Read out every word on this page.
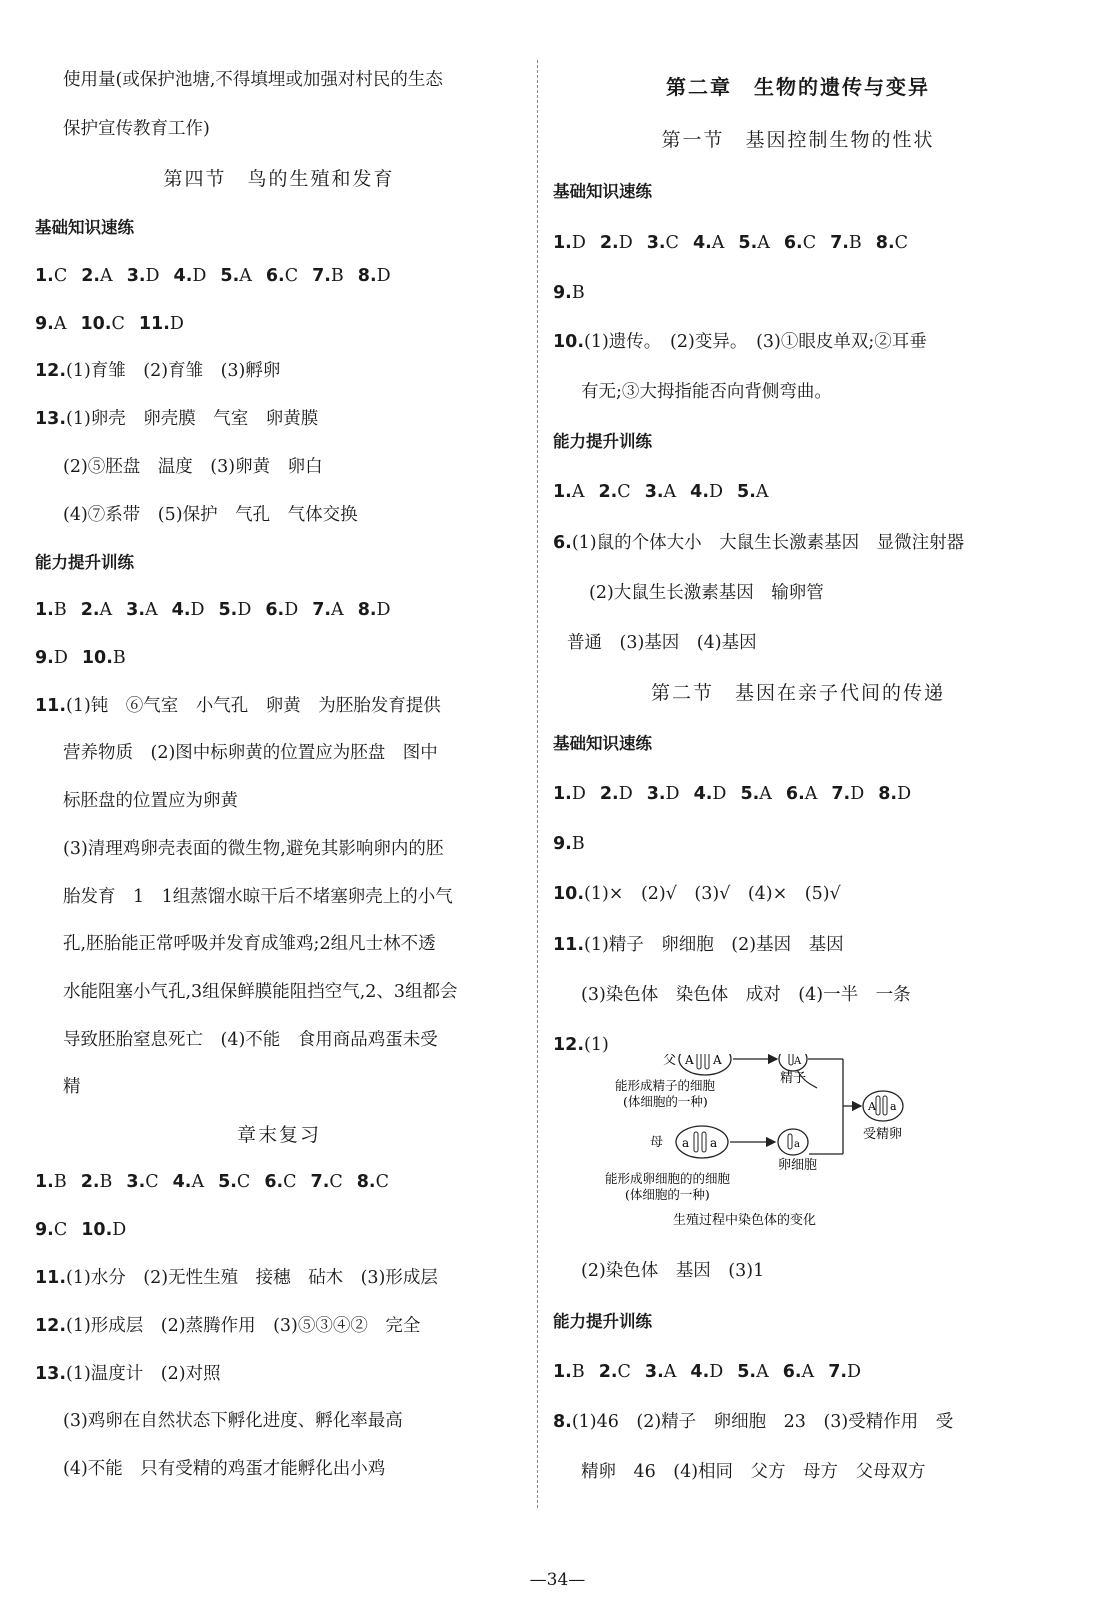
使用量(或保护池塘,不得填埋或加强对村民的生态
保护宣传教育工作)
第四节　鸟的生殖和发育
基础知识速练
1.C 2.A 3.D 4.D 5.A 6.C 7.B 8.D
9.A 10.C 11.D
12.(1)育雏　(2)育雏　(3)孵卵
13.(1)卵壳　卵壳膜　气室　卵黄膜
(2)⑤胚盘　温度　(3)卵黄　卵白
(4)⑦系带　(5)保护　气孔　气体交换
能力提升训练
1.B 2.A 3.A 4.D 5.D 6.D 7.A 8.D
9.D 10.B
11.(1)钝　⑥气室　小气孔　卵黄　为胚胎发育提供
营养物质　(2)图中标卵黄的位置应为胚盘　图中
标胚盘的位置应为卵黄
(3)清理鸡卵壳表面的微生物,避免其影响卵内的胚
胎发育　1　1组蒸馏水晾干后不堵塞卵壳上的小气
孔,胚胎能正常呼吸并发育成雏鸡;2组凡士林不透
水能阻塞小气孔,3组保鲜膜能阻挡空气,2、3组都会
导致胚胎窒息死亡　(4)不能　食用商品鸡蛋未受
精
章末复习
1.B 2.B 3.C 4.A 5.C 6.C 7.C 8.C
9.C 10.D
11.(1)水分　(2)无性生殖　接穗　砧木　(3)形成层
12.(1)形成层　(2)蒸腾作用　(3)⑤③④②　完全
13.(1)温度计　(2)对照
(3)鸡卵在自然状态下孵化进度、孵化率最高
(4)不能　只有受精的鸡蛋才能孵化出小鸡
第二章　生物的遗传与变异
第一节　基因控制生物的性状
基础知识速练
1.D 2.D 3.C 4.A 5.A 6.C 7.B 8.C
9.B
10.(1)遗传。　(2)变异。　(3)①眼皮单双;②耳垂
有无;③大拇指能否向背侧弯曲。
能力提升训练
1.A 2.C 3.A 4.D 5.A
6.(1)鼠的个体大小　大鼠生长激素基因　显微注射器
(2)大鼠生长激素基因　输卵管
普通　(3)基因　(4)基因
第二节　基因在亲子代间的传递
基础知识速练
1.D 2.D 3.D 4.D 5.A 6.A 7.D 8.D
9.B
10.(1)×　(2)√　(3)√　(4)×　(5)√
11.(1)精子　卵细胞　(2)基因　基因
(3)染色体　染色体　成对　(4)一半　一条
12.(1)
(2)染色体　基因　(3)1
能力提升训练
1.B 2.C 3.A 4.D 5.A 6.A 7.D
8.(1)46　(2)精子　卵细胞　23　(3)受精作用　受
精卵　46　(4)相同　父方　母方　父母双方
父 A A	A
精子
能形成精子的细胞
(体细胞的一种)	A a
受精卵
母 a a	a
卵细胞
能形成卵细胞的的细胞
(体细胞的一种)
生殖过程中染色体的变化
—34—
